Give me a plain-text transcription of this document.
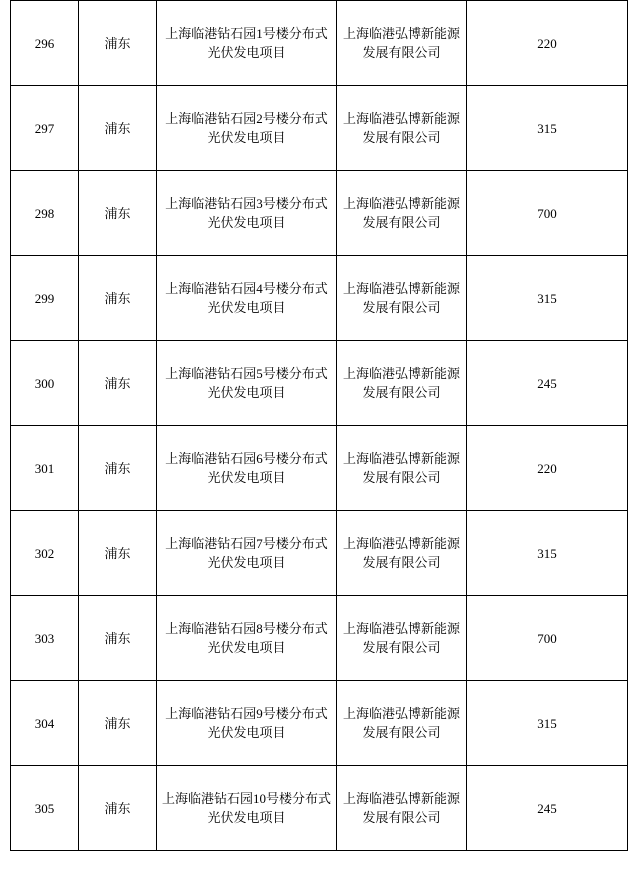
296	浦东	上海临港钻石园1号楼分布式光伏发电项目	上海临港弘博新能源发展有限公司	220

297	浦东	上海临港钻石园2号楼分布式光伏发电项目	上海临港弘博新能源发展有限公司	315

298	浦东	上海临港钻石园3号楼分布式光伏发电项目	上海临港弘博新能源发展有限公司	700

299	浦东	上海临港钻石园4号楼分布式光伏发电项目	上海临港弘博新能源发展有限公司	315

300	浦东	上海临港钻石园5号楼分布式光伏发电项目	上海临港弘博新能源发展有限公司	245

301	浦东	上海临港钻石园6号楼分布式光伏发电项目	上海临港弘博新能源发展有限公司	220

302	浦东	上海临港钻石园7号楼分布式光伏发电项目	上海临港弘博新能源发展有限公司	315

303	浦东	上海临港钻石园8号楼分布式光伏发电项目	上海临港弘博新能源发展有限公司	700

304	浦东	上海临港钻石园9号楼分布式光伏发电项目	上海临港弘博新能源发展有限公司	315

305	浦东	上海临港钻石园10号楼分布式光伏发电项目	上海临港弘博新能源发展有限公司	245
